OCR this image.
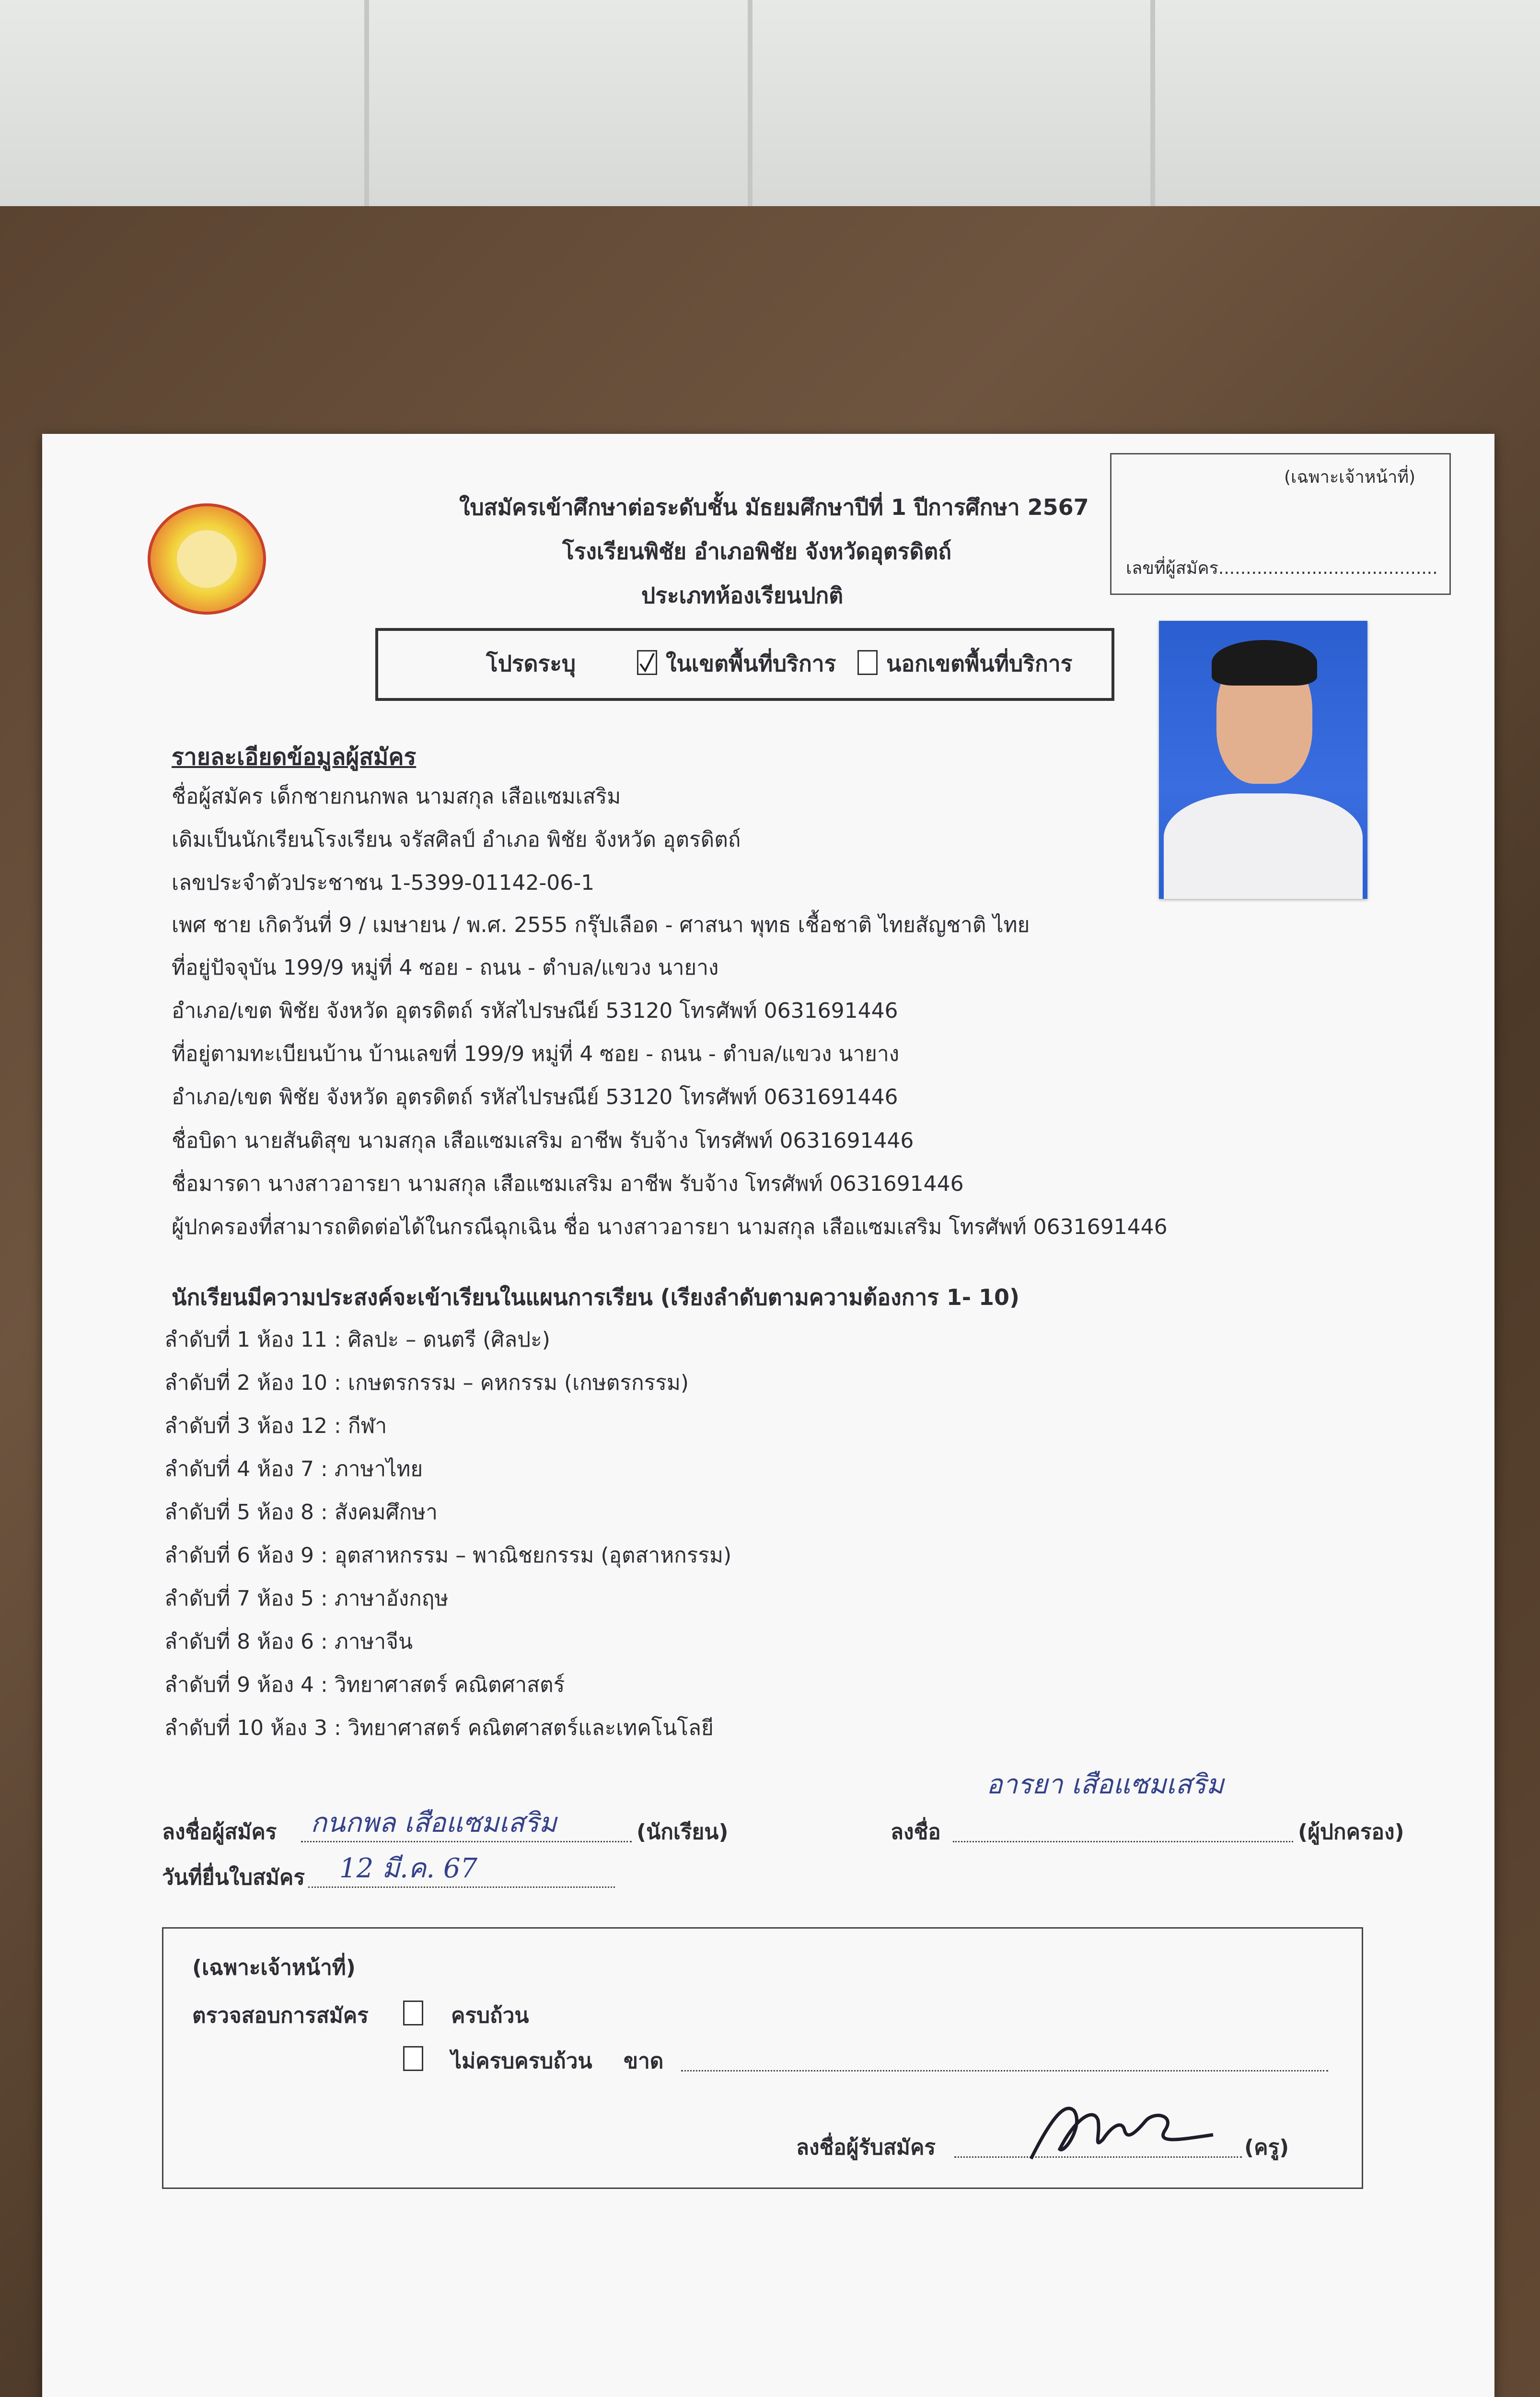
(เฉพาะเจ้าหน้าที่)
เลขที่ผู้สมัคร........................................
ใบสมัครเข้าศึกษาต่อระดับชั้น มัธยมศึกษาปีที่ 1 ปีการศึกษา 2567
โรงเรียนพิชัย อำเภอพิชัย จังหวัดอุตรดิตถ์
ประเภทห้องเรียนปกติ
โปรดระบุ	ในเขตพื้นที่บริการ นอกเขตพื้นที่บริการ
รายละเอียดข้อมูลผู้สมัคร
ชื่อผู้สมัคร เด็กชายกนกพล นามสกุล เสือแซมเสริม
เดิมเป็นนักเรียนโรงเรียน จรัสศิลป์ อำเภอ พิชัย จังหวัด อุตรดิตถ์
เลขประจำตัวประชาชน 1-5399-01142-06-1
เพศ ชาย เกิดวันที่ 9 / เมษายน / พ.ศ. 2555 กรุ๊ปเลือด - ศาสนา พุทธ เชื้อชาติ ไทยสัญชาติ ไทย
ที่อยู่ปัจจุบัน 199/9 หมู่ที่ 4 ซอย - ถนน - ตำบล/แขวง นายาง
อำเภอ/เขต พิชัย จังหวัด อุตรดิตถ์ รหัสไปรษณีย์ 53120 โทรศัพท์ 0631691446
ที่อยู่ตามทะเบียนบ้าน บ้านเลขที่ 199/9 หมู่ที่ 4 ซอย - ถนน - ตำบล/แขวง นายาง
อำเภอ/เขต พิชัย จังหวัด อุตรดิตถ์ รหัสไปรษณีย์ 53120 โทรศัพท์ 0631691446
ชื่อบิดา นายสันติสุข นามสกุล เสือแซมเสริม อาชีพ รับจ้าง โทรศัพท์ 0631691446
ชื่อมารดา นางสาวอารยา นามสกุล เสือแซมเสริม อาชีพ รับจ้าง โทรศัพท์ 0631691446
ผู้ปกครองที่สามารถติดต่อได้ในกรณีฉุกเฉิน ชื่อ นางสาวอารยา นามสกุล เสือแซมเสริม โทรศัพท์ 0631691446
นักเรียนมีความประสงค์จะเข้าเรียนในแผนการเรียน (เรียงลำดับตามความต้องการ 1- 10)
ลำดับที่ 1 ห้อง 11 : ศิลปะ – ดนตรี (ศิลปะ)
ลำดับที่ 2 ห้อง 10 : เกษตรกรรม – คหกรรม (เกษตรกรรม)
ลำดับที่ 3 ห้อง 12 : กีฬา
ลำดับที่ 4 ห้อง 7 : ภาษาไทย
ลำดับที่ 5 ห้อง 8 : สังคมศึกษา
ลำดับที่ 6 ห้อง 9 : อุตสาหกรรม – พาณิชยกรรม (อุตสาหกรรม)
ลำดับที่ 7 ห้อง 5 : ภาษาอังกฤษ
ลำดับที่ 8 ห้อง 6 : ภาษาจีน
ลำดับที่ 9 ห้อง 4 : วิทยาศาสตร์ คณิตศาสตร์
ลำดับที่ 10 ห้อง 3 : วิทยาศาสตร์ คณิตศาสตร์และเทคโนโลยี
ลงชื่อผู้สมัคร กนกพล เสือแซมเสริม	(นักเรียน)	ลงชื่อ
อารยา เสือแซมเสริม
(ผู้ปกครอง)
วันที่ยื่นใบสมัคร 12 มี.ค. 67
(เฉพาะเจ้าหน้าที่)
ตรวจสอบการสมัคร	ครบถ้วน
ไม่ครบครบถ้วน ขาด
ลงชื่อผู้รับสมัคร	(ครู)
